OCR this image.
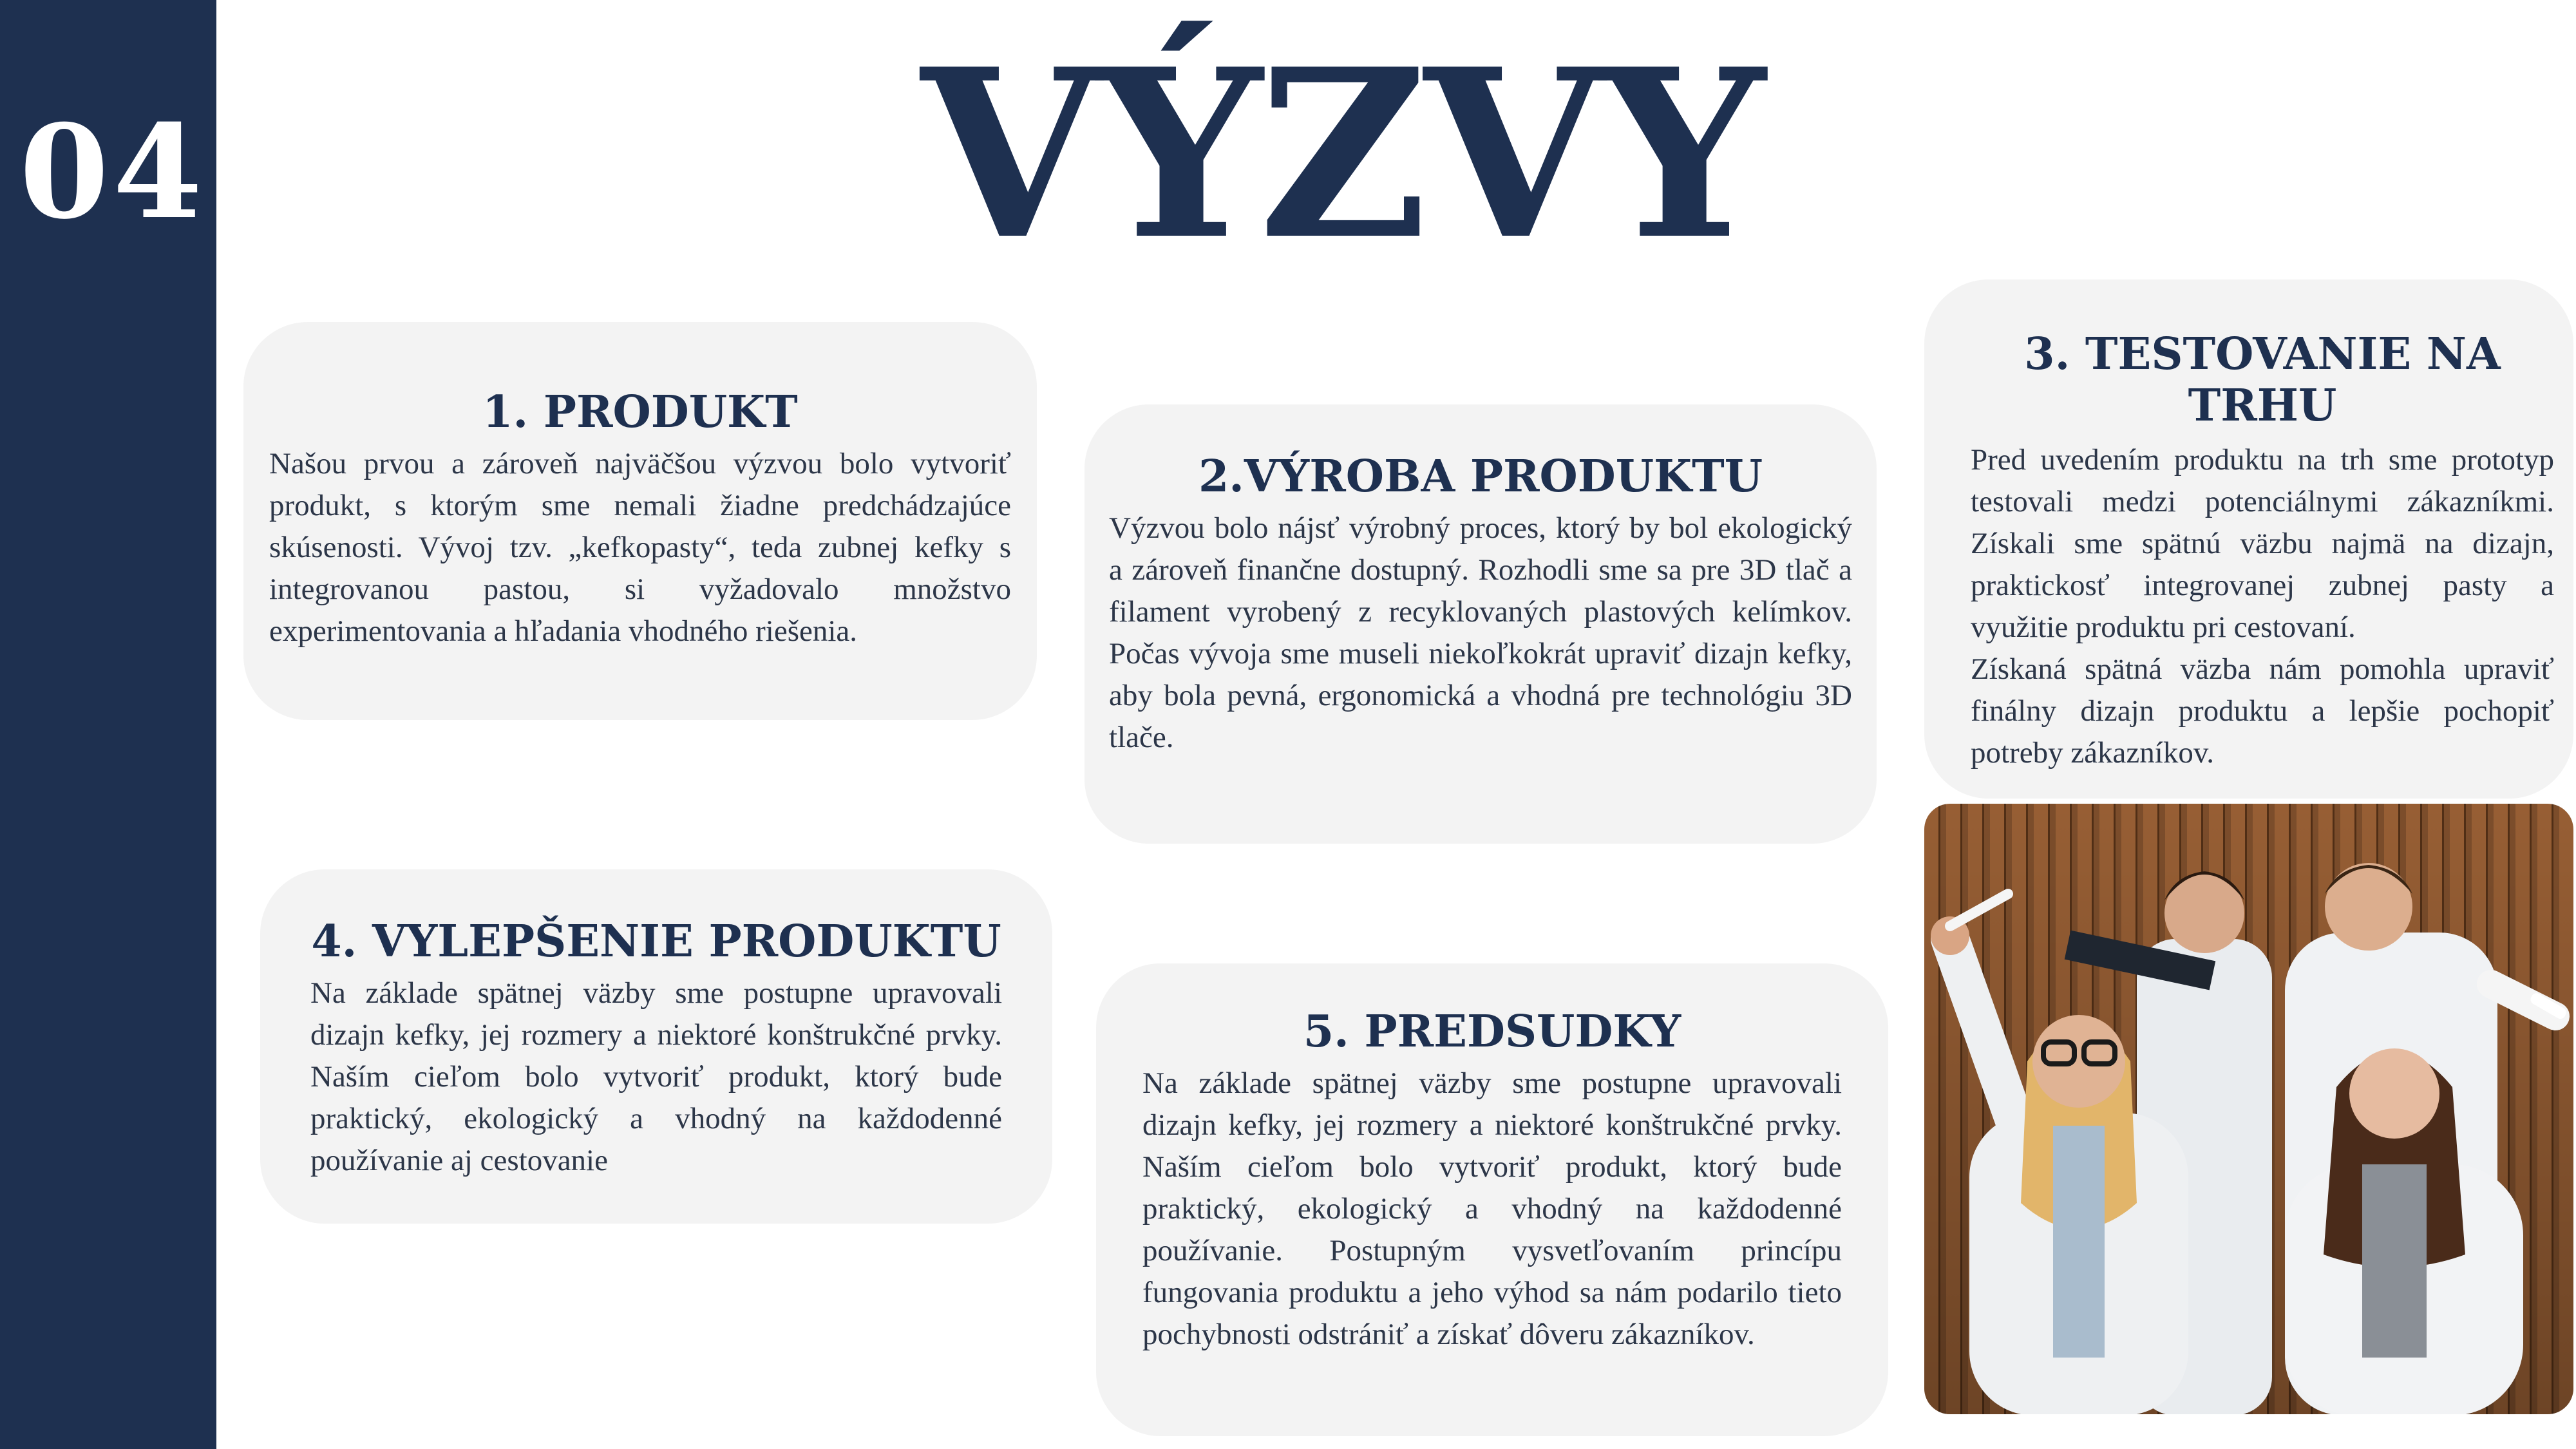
04	VÝZVY
1. PRODUKT

Našou prvou a zároveň najväčšou výzvou bolo vytvoriť produkt, s ktorým sme nemali žiadne predchádzajúce skúsenosti. Vývoj tzv. „kefkopasty“, teda zubnej kefky s integrovanou pastou, si vyžadovalo množstvo experimentovania a hľadania vhodného riešenia.

2.VÝROBA PRODUKTU

Výzvou bolo nájsť výrobný proces, ktorý by bol ekologický a zároveň finančne dostupný. Rozhodli sme sa pre 3D tlač a filament vyrobený z recyklovaných plastových kelímkov. Počas vývoja sme museli niekoľkokrát upraviť dizajn kefky, aby bola pevná, ergonomická a vhodná pre technológiu 3D tlače.

3. TESTOVANIE NA TRHU

Pred uvedením produktu na trh sme prototyp testovali medzi potenciálnymi zákazníkmi. Získali sme spätnú väzbu najmä na dizajn, praktickosť integrovanej zubnej pasty a využitie produktu pri cestovaní.

Získaná spätná väzba nám pomohla upraviť finálny dizajn produktu a lepšie pochopiť potreby zákazníkov.

4. VYLEPŠENIE PRODUKTU

Na základe spätnej väzby sme postupne upravovali dizajn kefky, jej rozmery a niektoré konštrukčné prvky. Naším cieľom bolo vytvoriť produkt, ktorý bude praktický, ekologický a vhodný na každodenné používanie aj cestovanie

5. PREDSUDKY

Na základe spätnej väzby sme postupne upravovali dizajn kefky, jej rozmery a niektoré konštrukčné prvky. Naším cieľom bolo vytvoriť produkt, ktorý bude praktický, ekologický a vhodný na každodenné používanie. Postupným vysvetľovaním princípu fungovania produktu a jeho výhod sa nám podarilo tieto pochybnosti odstrániť a získať dôveru zákazníkov.
